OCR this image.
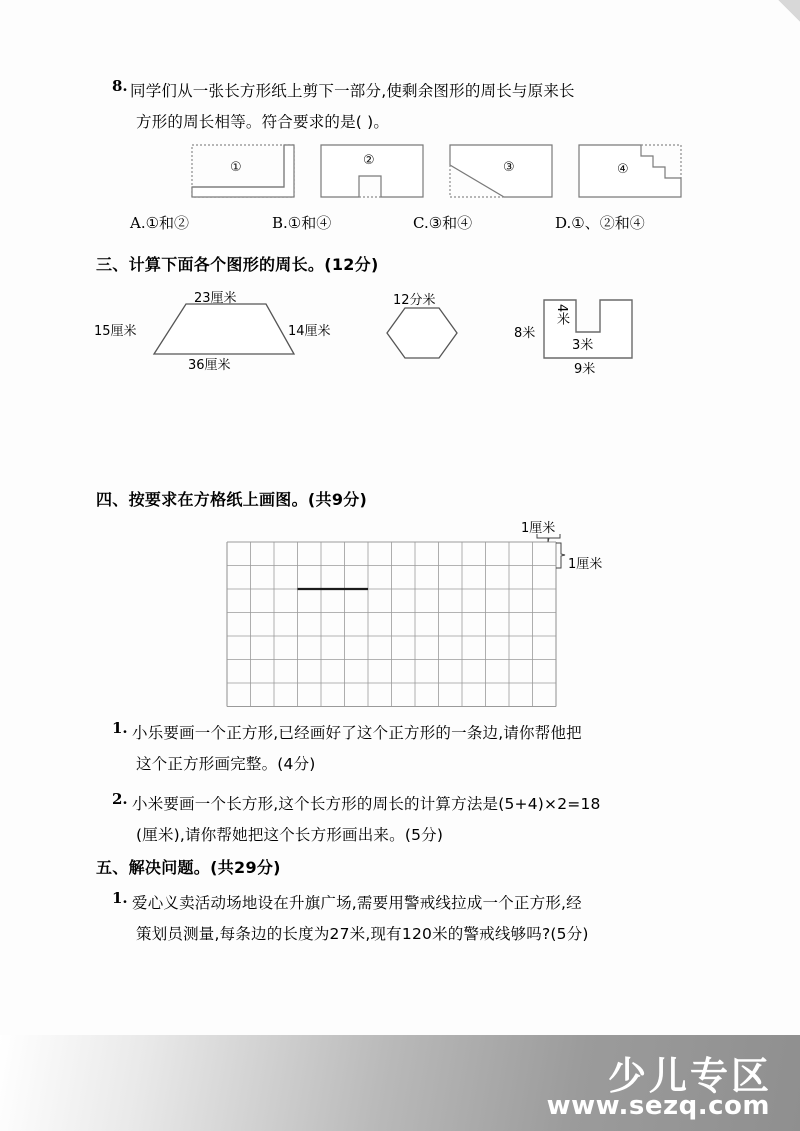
8. 同学们从一张长方形纸上剪下一部分,使剩余图形的周长与原来长
方形的周长相等。符合要求的是( )。
①	②	③	④
A.①和②	B.①和④	C.③和④	D.①、②和④
三、计算下面各个图形的周长。(12分)
23厘米
15厘米	14厘米
36厘米
12分米
8米
4米
3米
9米
四、按要求在方格纸上画图。(共9分)
1厘米
1厘米
1. 小乐要画一个正方形,已经画好了这个正方形的一条边,请你帮他把
这个正方形画完整。(4分)
2. 小米要画一个长方形,这个长方形的周长的计算方法是(5+4)×2=18
(厘米),请你帮她把这个长方形画出来。(5分)
五、解决问题。(共29分)
1. 爱心义卖活动场地设在升旗广场,需要用警戒线拉成一个正方形,经
策划员测量,每条边的长度为27米,现有120米的警戒线够吗?(5分)
少儿专区
www.sezq.com
